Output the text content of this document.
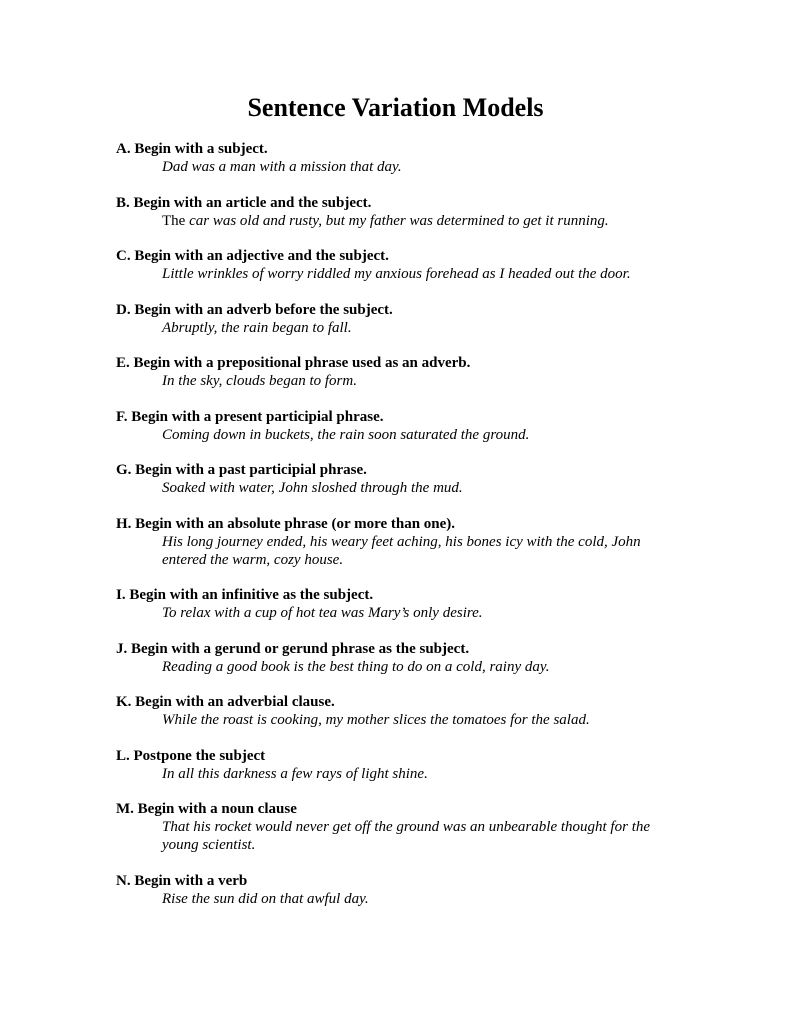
Sentence Variation Models

A. Begin with a subject.

Dad was a man with a mission that day.

B. Begin with an article and the subject.

The car was old and rusty, but my father was determined to get it running.

C. Begin with an adjective and the subject.

Little wrinkles of worry riddled my anxious forehead as I headed out the door.

D. Begin with an adverb before the subject.

Abruptly, the rain began to fall.

E. Begin with a prepositional phrase used as an adverb.

In the sky, clouds began to form.

F. Begin with a present participial phrase.

Coming down in buckets, the rain soon saturated the ground.

G. Begin with a past participial phrase.

Soaked with water, John sloshed through the mud.

H. Begin with an absolute phrase (or more than one).

His long journey ended, his weary feet aching, his bones icy with the cold, John entered the warm, cozy house.

I. Begin with an infinitive as the subject.

To relax with a cup of hot tea was Mary’s only desire.

J. Begin with a gerund or gerund phrase as the subject.

Reading a good book is the best thing to do on a cold, rainy day.

K. Begin with an adverbial clause.

While the roast is cooking, my mother slices the tomatoes for the salad.

L. Postpone the subject

In all this darkness a few rays of light shine.

M. Begin with a noun clause

That his rocket would never get off the ground was an unbearable thought for the young scientist.

N. Begin with a verb

Rise the sun did on that awful day.
